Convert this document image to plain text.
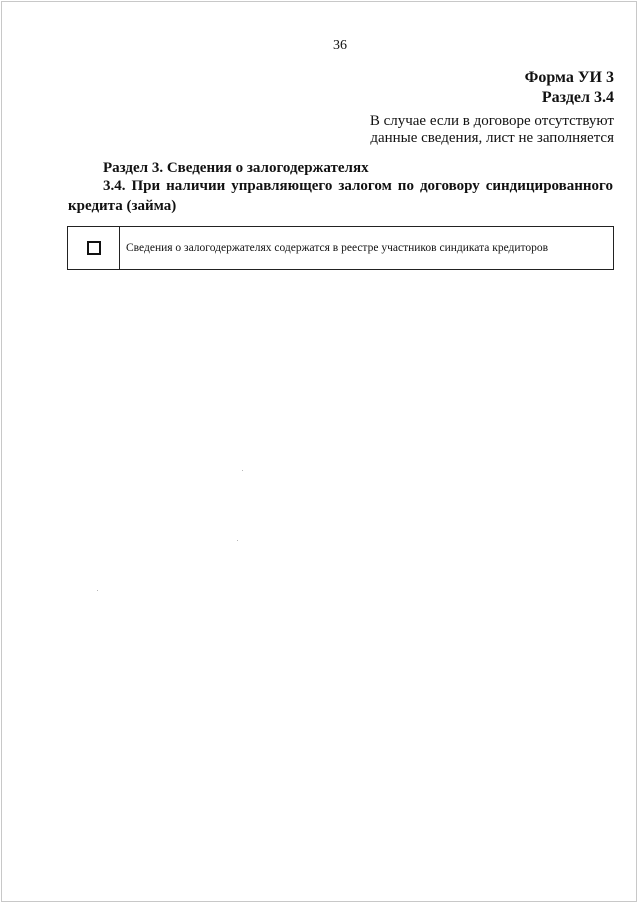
36
Форма УИ 3
Раздел 3.4
В случае если в договоре отсутствуют
данные сведения, лист не заполняется
Раздел 3. Сведения о залогодержателях
3.4. При наличии управляющего залогом по договору синдицированного кредита (займа)
Сведения о залогодержателях содержатся в реестре участников синдиката кредиторов
